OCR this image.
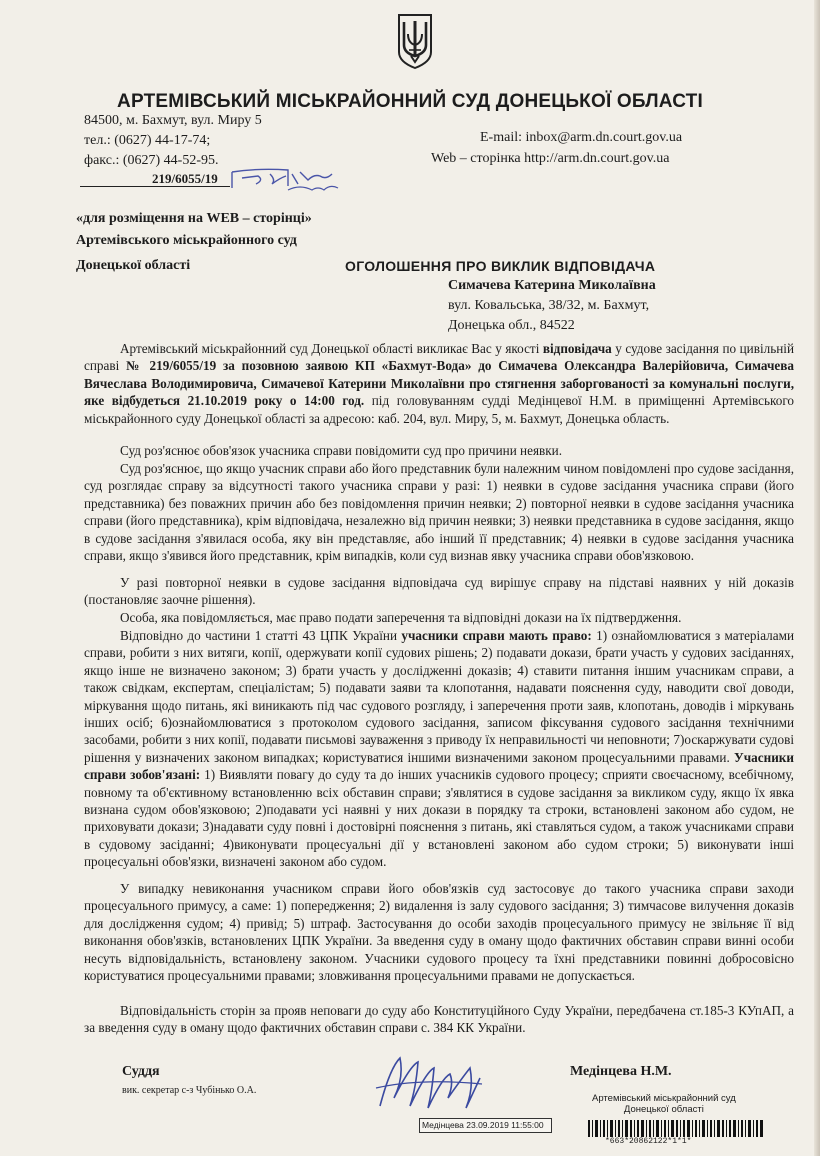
АРТЕМІВСЬКИЙ МІСЬКРАЙОННИЙ СУД ДОНЕЦЬКОЇ ОБЛАСТІ
84500, м. Бахмут, вул. Миру 5
тел.: (0627) 44-17-74;
факс.: (0627) 44-52-95.
E-mail: inbox@arm.dn.court.gov.ua
Web – сторінка http://arm.dn.court.gov.ua
219/6055/19
«для розміщення на WEB – сторінці»
Артемівського міськрайонного суд
Донецької області	ОГОЛОШЕННЯ ПРО ВИКЛИК ВІДПОВІДАЧА
Симачева Катерина Миколаївна
вул. Ковальська, 38/32, м. Бахмут,
Донецька обл., 84522
Артемівський міськрайонний суд Донецької області викликає Вас у якості відповідача у судове засідання по цивільній справі № 219/6055/19 за позовною заявою КП «Бахмут-Вода» до Симачева Олександра Валерійовича, Симачева Вячеслава Володимировича, Симачевої Катерини Миколаївни про стягнення заборгованості за комунальні послуги, яке відбудеться 21.10.2019 року о 14:00 год. під головуванням судді Медінцевої Н.М. в приміщенні Артемівського міськрайонного суду Донецької області за адресою: каб. 204, вул. Миру, 5, м. Бахмут, Донецька область.
Суд роз'яснює обов'язок учасника справи повідомити суд про причини неявки.
Суд роз'яснює, що якщо учасник справи або його представник були належним чином повідомлені про судове засідання, суд розглядає справу за відсутності такого учасника справи у разі: 1) неявки в судове засідання учасника справи (його представника) без поважних причин або без повідомлення причин неявки; 2) повторної неявки в судове засідання учасника справи (його представника), крім відповідача, незалежно від причин неявки; 3) неявки представника в судове засідання, якщо в судове засідання з'явилася особа, яку він представляє, або інший її представник; 4) неявки в судове засідання учасника справи, якщо з'явився його представник, крім випадків, коли суд визнав явку учасника справи обов'язковою.
У разі повторної неявки в судове засідання відповідача суд вирішує справу на підставі наявних у ній доказів (постановляє заочне рішення).
Особа, яка повідомляється, має право подати заперечення та відповідні докази на їх підтвердження.
Відповідно до частини 1 статті 43 ЦПК України учасники справи мають право: 1) ознайомлюватися з матеріалами справи, робити з них витяги, копії, одержувати копії судових рішень; 2) подавати докази, брати участь у судових засіданнях, якщо інше не визначено законом; 3) брати участь у дослідженні доказів; 4) ставити питання іншим учасникам справи, а також свідкам, експертам, спеціалістам; 5) подавати заяви та клопотання, надавати пояснення суду, наводити свої доводи, міркування щодо питань, які виникають під час судового розгляду, і заперечення проти заяв, клопотань, доводів і міркувань інших осіб; 6)ознайомлюватися з протоколом судового засідання, записом фіксування судового засідання технічними засобами, робити з них копії, подавати письмові зауваження з приводу їх неправильності чи неповноти; 7)оскаржувати судові рішення у визначених законом випадках; користуватися іншими визначеними законом процесуальними правами. Учасники справи зобов'язані: 1) Виявляти повагу до суду та до інших учасників судового процесу; сприяти своєчасному, всебічному, повному та об'єктивному встановленню всіх обставин справи; з'являтися в судове засідання за викликом суду, якщо їх явка визнана судом обов'язковою; 2)подавати усі наявні у них докази в порядку та строки, встановлені законом або судом, не приховувати докази; 3)надавати суду повні і достовірні пояснення з питань, які ставляться судом, а також учасниками справи в судовому засіданні; 4)виконувати процесуальні дії у встановлені законом або судом строки; 5) виконувати інші процесуальні обов'язки, визначені законом або судом.
У випадку невиконання учасником справи його обов'язків суд застосовує до такого учасника справи заходи процесуального примусу, а саме: 1) попередження; 2) видалення із залу судового засідання; 3) тимчасове вилучення доказів для дослідження судом; 4) привід; 5) штраф. Застосування до особи заходів процесуального примусу не звільняє її від виконання обов'язків, встановлених ЦПК України. За введення суду в оману щодо фактичних обставин справи винні особи несуть відповідальність, встановлену законом. Учасники судового процесу та їхні представники повинні добросовісно користуватися процесуальними правами; зловживання процесуальними правами не допускається.
Відповідальність сторін за прояв неповаги до суду або Конституційного Суду України, передбачена ст.185-3 КУпАП, а за введення суду в оману щодо фактичних обставин справи с. 384 КК України.
Суддя
вик. секретар с-з Чубінько О.А.
Медінцева Н.М.
Медінцева 23.09.2019 11:55:00
Артемівський міськрайонний суд
Донецької області
*663*20862122*1*1*
